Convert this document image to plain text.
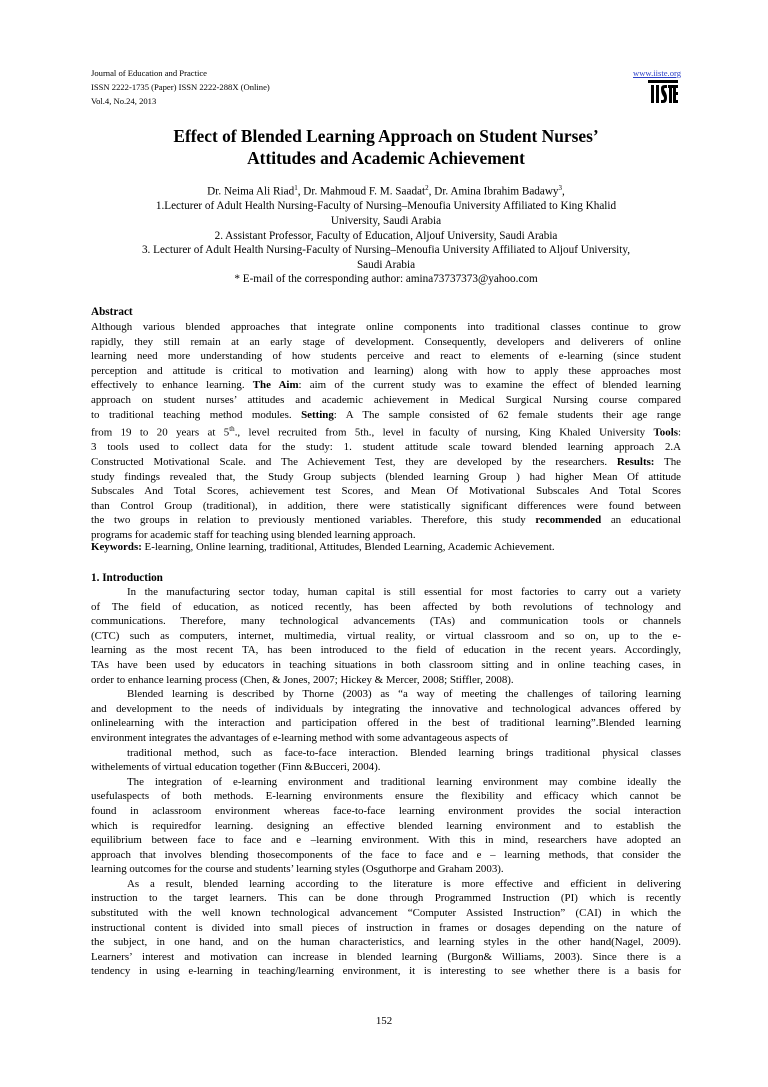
Journal of Education and Practice
ISSN 2222-1735 (Paper) ISSN 2222-288X (Online)
Vol.4, No.24, 2013
www.iiste.org
Effect of Blended Learning Approach on Student Nurses’
Attitudes and Academic Achievement
Dr. Neima Ali Riad$^1$, Dr. Mahmoud F. M. Saadat$^2$, Dr. Amina Ibrahim Badawy$^3$,
1.Lecturer of Adult Health Nursing-Faculty of Nursing–Menoufia University Affiliated to King Khalid
University, Saudi Arabia
2. Assistant Professor, Faculty of Education, Aljouf University, Saudi Arabia
3. Lecturer of Adult Health Nursing-Faculty of Nursing–Menoufia University Affiliated to Aljouf University,
Saudi Arabia
* E-mail of the corresponding author: amina73737373@yahoo.com
Abstract
Although various blended approaches that integrate online components into traditional classes continue to grow
rapidly, they still remain at an early stage of development. Consequently, developers and deliverers of online
learning need more understanding of how students perceive and react to elements of e-learning (since student
perception and attitude is critical to motivation and learning) along with how to apply these approaches most
effectively to enhance learning. The Aim: aim of the current study was to examine the effect of blended learning
approach on student nurses’ attitudes and academic achievement in Medical Surgical Nursing course compared
to traditional teaching method modules. Setting: A The sample consisted of 62 female students their age range
from 19 to 20 years at 5th., level recruited from 5th., level in faculty of nursing, King Khaled University Tools:
3 tools used to collect data for the study: 1. student attitude scale toward blended learning approach 2.A
Constructed Motivational Scale. and The Achievement Test, they are developed by the researchers. Results: The
study findings revealed that, the Study Group subjects (blended learning Group ) had higher Mean Of attitude
Subscales And Total Scores, achievement test Scores, and Mean Of Motivational Subscales And Total Scores
than Control Group (traditional), in addition, there were statistically significant differences were found between
the two groups in relation to previously mentioned variables. Therefore, this study recommended an educational
programs for academic staff for teaching using blended learning approach.
Keywords: E-learning, Online learning, traditional, Attitudes, Blended Learning, Academic Achievement.
1. Introduction
In the manufacturing sector today, human capital is still essential for most factories to carry out a variety
of The field of education, as noticed recently, has been affected by both revolutions of technology and
communications. Therefore, many technological advancements (TAs) and communication tools or channels
(CTC) such as computers, internet, multimedia, virtual reality, or virtual classroom and so on, up to the e-
learning as the most recent TA, has been introduced to the field of education in the recent years. Accordingly,
TAs have been used by educators in teaching situations in both classroom sitting and in online teaching cases, in
order to enhance learning process (Chen, & Jones, 2007; Hickey & Mercer, 2008; Stiffler, 2008).
Blended learning is described by Thorne (2003) as “a way of meeting the challenges of tailoring learning
and development to the needs of individuals by integrating the innovative and technological advances offered by
onlinelearning with the interaction and participation offered in the best of traditional learning”.Blended learning
environment integrates the advantages of e-learning method with some advantageous aspects of
traditional method, such as face-to-face interaction. Blended learning brings traditional physical classes
withelements of virtual education together (Finn &Bucceri, 2004).
The integration of e-learning environment and traditional learning environment may combine ideally the
usefulaspects of both methods. E-learning environments ensure the flexibility and efficacy which cannot be
found in aclassroom environment whereas face-to-face learning environment provides the social interaction
which is requiredfor learning. designing an effective blended learning environment and to establish the
equilibrium between face to face and e –learning environment. With this in mind, researchers have adopted an
approach that involves blending thosecomponents of the face to face and e – learning methods, that consider the
learning outcomes for the course and students’ learning styles (Osguthorpe and Graham 2003).
As a result, blended learning according to the literature is more effective and efficient in delivering
instruction to the target learners. This can be done through Programmed Instruction (PI) which is recently
substituted with the well known technological advancement “Computer Assisted Instruction” (CAI) in which the
instructional content is divided into small pieces of instruction in frames or dosages depending on the nature of
the subject, in one hand, and on the human characteristics, and learning styles in the other hand(Nagel, 2009).
Learners’ interest and motivation can increase in blended learning (Burgon& Williams, 2003). Since there is a
tendency in using e-learning in teaching/learning environment, it is interesting to see whether there is a basis for
152
